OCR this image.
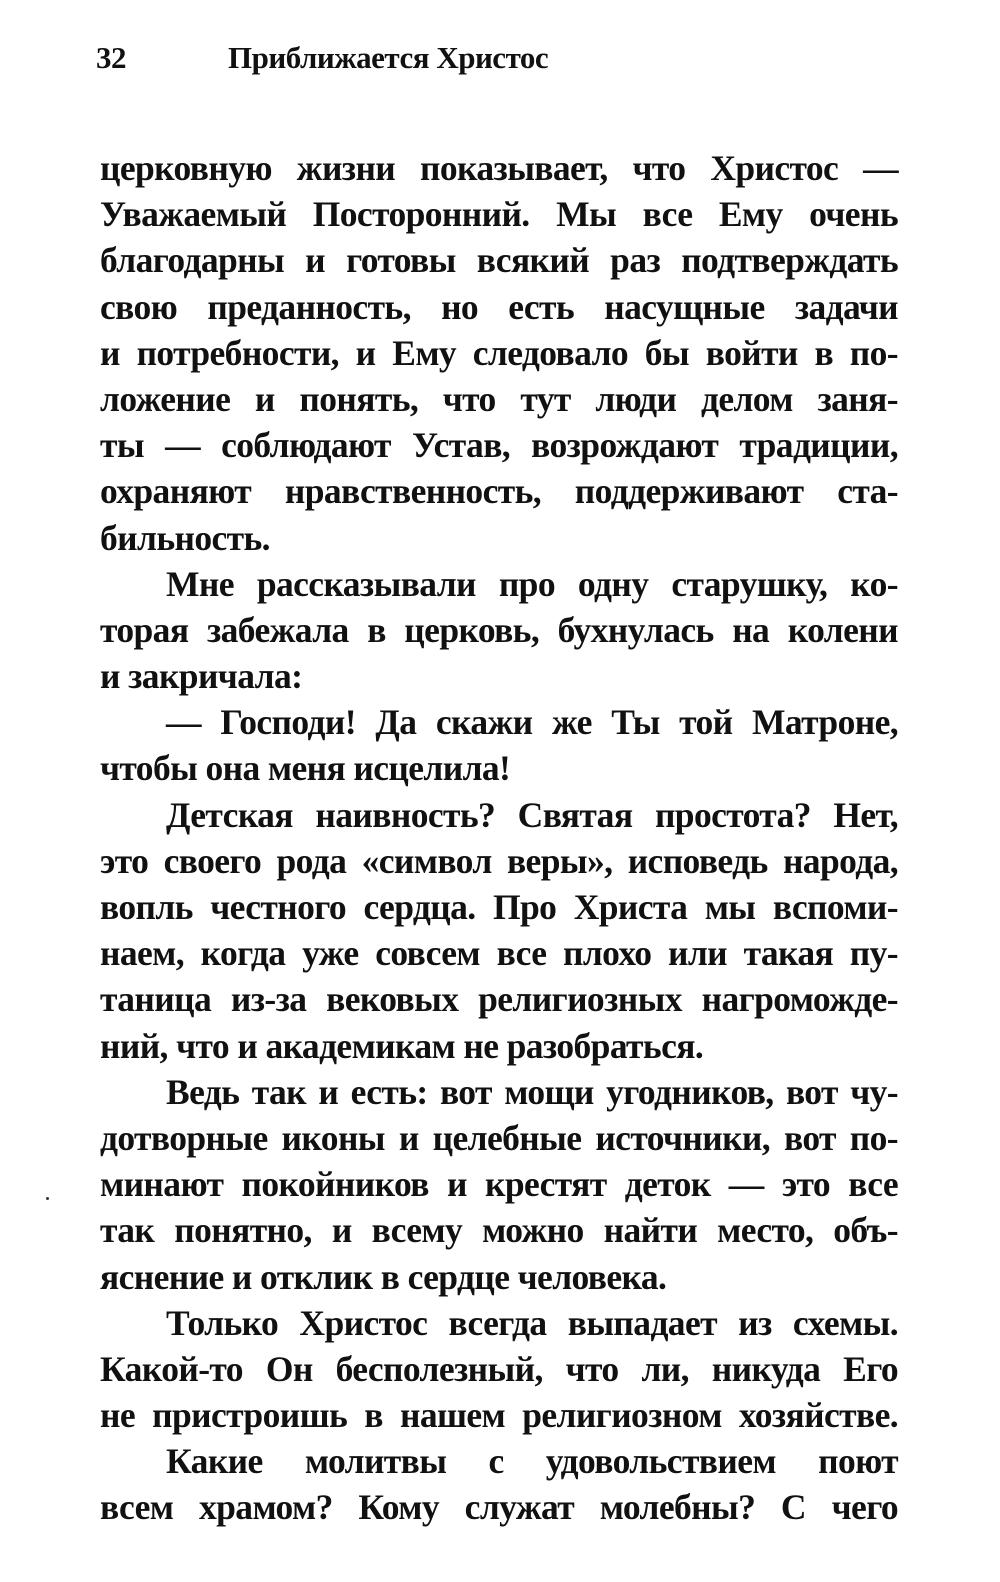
32	Приближается Христос
церковную жизни показывает, что Христос —
Уважаемый Посторонний. Мы все Ему очень
благодарны и готовы всякий раз подтверждать
свою преданность, но есть насущные задачи
и потребности, и Ему следовало бы войти в по-
ложение и понять, что тут люди делом заня-
ты — соблюдают Устав, возрождают традиции,
охраняют нравственность, поддерживают ста-
бильность.
Мне рассказывали про одну старушку, ко-
торая забежала в церковь, бухнулась на колени
и закричала:
— Господи! Да скажи же Ты той Матроне,
чтобы она меня исцелила!
Детская наивность? Святая простота? Нет,
это своего рода «символ веры», исповедь народа,
вопль честного сердца. Про Христа мы вспоми-
наем, когда уже совсем все плохо или такая пу-
таница из-за вековых религиозных нагроможде-
ний, что и академикам не разобраться.
Ведь так и есть: вот мощи угодников, вот чу-
дотворные иконы и целебные источники, вот по-
минают покойников и крестят деток — это все
так понятно, и всему можно найти место, объ-
яснение и отклик в сердце человека.
Только Христос всегда выпадает из схемы.
Какой-то Он бесполезный, что ли, никуда Его
не пристроишь в нашем религиозном хозяйстве.
Какие молитвы с удовольствием поют
всем храмом? Кому служат молебны? С чего
